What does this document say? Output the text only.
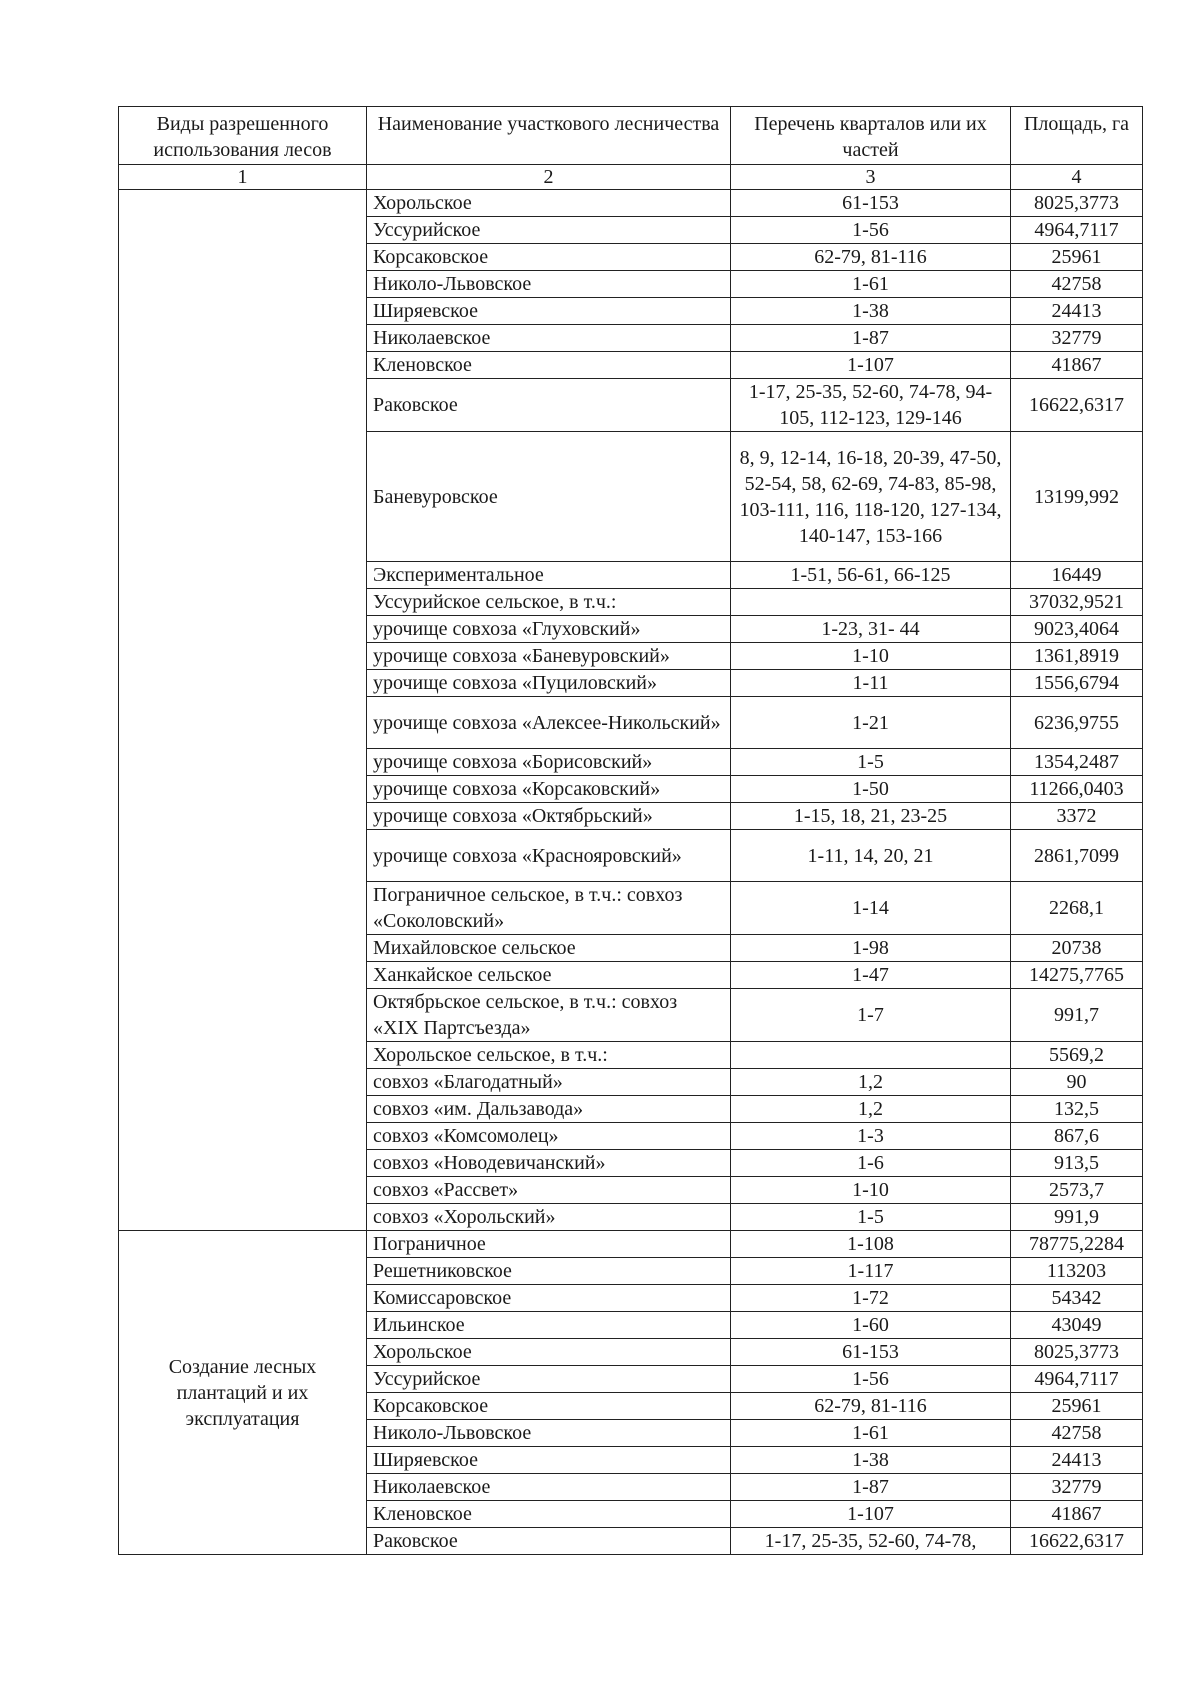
Виды разрешенного использования лесов	Наименование участкового лесничества	Перечень кварталов или их частей	Площадь, га
1	2	3	4
	Хорольское	61-153	8025,3773
	Уссурийское	1-56	4964,7117
	Корсаковское	62-79, 81-116	25961
	Николо-Львовское	1-61	42758
	Ширяевское	1-38	24413
	Николаевское	1-87	32779
	Кленовское	1-107	41867
	Раковское	1-17, 25-35, 52-60, 74-78, 94-105, 112-123, 129-146	16622,6317
	Баневуровское	8, 9, 12-14, 16-18, 20-39, 47-50, 52-54, 58, 62-69, 74-83, 85-98, 103-111, 116, 118-120, 127-134, 140-147, 153-166	13199,992
	Экспериментальное	1-51, 56-61, 66-125	16449
	Уссурийское сельское, в т.ч.:		37032,9521
	урочище совхоза «Глуховский»	1-23, 31- 44	9023,4064
	урочище совхоза «Баневуровский»	1-10	1361,8919
	урочище совхоза «Пуциловский»	1-11	1556,6794
	урочище совхоза «Алексее-Никольский»	1-21	6236,9755
	урочище совхоза «Борисовский»	1-5	1354,2487
	урочище совхоза «Корсаковский»	1-50	11266,0403
	урочище совхоза «Октябрьский»	1-15, 18, 21, 23-25	3372
	урочище совхоза «Краснояровский»	1-11, 14, 20, 21	2861,7099
	Пограничное сельское, в т.ч.: совхоз «Соколовский»	1-14	2268,1
	Михайловское сельское	1-98	20738
	Ханкайское сельское	1-47	14275,7765
	Октябрьское сельское, в т.ч.: совхоз «XIX Партсъезда»	1-7	991,7
	Хорольское сельское, в т.ч.:		5569,2
	совхоз «Благодатный»	1,2	90
	совхоз «им. Дальзавода»	1,2	132,5
	совхоз «Комсомолец»	1-3	867,6
	совхоз «Новодевичанский»	1-6	913,5
	совхоз «Рассвет»	1-10	2573,7
	совхоз «Хорольский»	1-5	991,9
Создание лесных плантаций и их эксплуатация	Пограничное	1-108	78775,2284
	Решетниковское	1-117	113203
	Комиссаровское	1-72	54342
	Ильинское	1-60	43049
	Хорольское	61-153	8025,3773
	Уссурийское	1-56	4964,7117
	Корсаковское	62-79, 81-116	25961
	Николо-Львовское	1-61	42758
	Ширяевское	1-38	24413
	Николаевское	1-87	32779
	Кленовское	1-107	41867
	Раковское	1-17, 25-35, 52-60, 74-78,	16622,6317
